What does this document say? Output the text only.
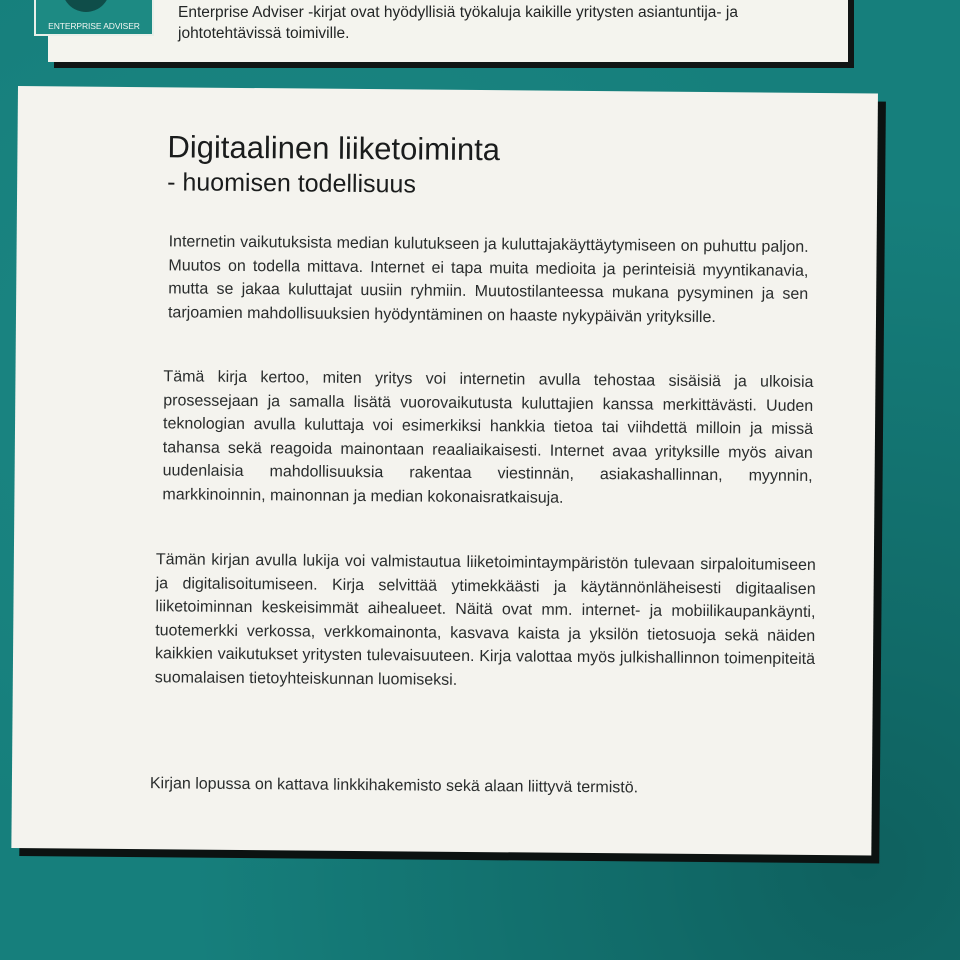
ENTERPRISE ADVISER

Enterprise Adviser -kirjat ovat hyödyllisiä työkaluja kaikille yritysten asiantuntija- ja johtotehtävissä toimiville.

Digitaalinen liiketoiminta
- huomisen todellisuus

Internetin vaikutuksista median kulutukseen ja kuluttajakäyttäytymiseen on puhuttu paljon. Muutos on todella mittava. Internet ei tapa muita medioita ja perinteisiä myyntikanavia, mutta se jakaa kuluttajat uusiin ryhmiin. Muutostilanteessa mukana pysyminen ja sen tarjoamien mahdollisuuksien hyödyntäminen on haaste nykypäivän yrityksille.

Tämä kirja kertoo, miten yritys voi internetin avulla tehostaa sisäisiä ja ulkoisia prosessejaan ja samalla lisätä vuorovaikutusta kuluttajien kanssa merkittävästi. Uuden teknologian avulla kuluttaja voi esimerkiksi hankkia tietoa tai viihdettä milloin ja missä tahansa sekä reagoida mainontaan reaaliaikaisesti. Internet avaa yrityksille myös aivan uudenlaisia mahdollisuuksia rakentaa viestinnän, asiakashallinnan, myynnin, markkinoinnin, mainonnan ja median kokonaisratkaisuja.

Tämän kirjan avulla lukija voi valmistautua liiketoimintaympäristön tulevaan sirpaloitumiseen ja digitalisoitumiseen. Kirja selvittää ytimekkäästi ja käytännönläheisesti digitaalisen liiketoiminnan keskeisimmät aihealueet. Näitä ovat mm. internet- ja mobiilikaupankäynti, tuotemerkki verkossa, verkkomainonta, kasvava kaista ja yksilön tietosuoja sekä näiden kaikkien vaikutukset yritysten tulevaisuuteen. Kirja valottaa myös julkishallinnon toimenpiteitä suomalaisen tietoyhteiskunnan luomiseksi.

Kirjan lopussa on kattava linkkihakemisto sekä alaan liittyvä termistö.
